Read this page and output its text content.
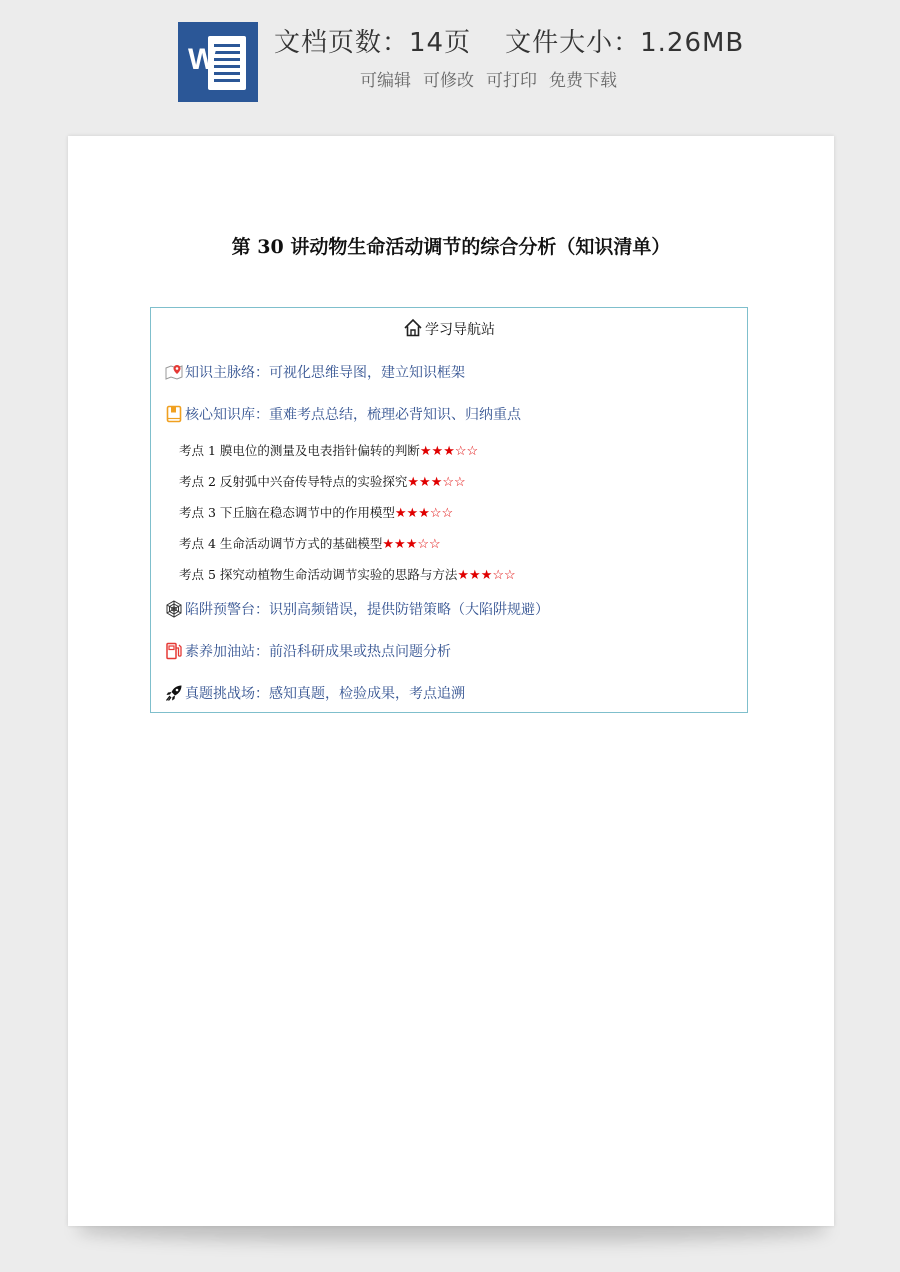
W 文档页数：14页 文件大小：1.26MB
可编辑 可修改 可打印 免费下载
第 30 讲动物生命活动调节的综合分析（知识清单）
学习导航站
知识主脉络：可视化思维导图，建立知识框架
核心知识库：重难考点总结，梳理必背知识、归纳重点
考点 1 膜电位的测量及电表指针偏转的判断★★★☆☆
考点 2 反射弧中兴奋传导特点的实验探究★★★☆☆
考点 3 下丘脑在稳态调节中的作用模型★★★☆☆
考点 4 生命活动调节方式的基础模型★★★☆☆
考点 5 探究动植物生命活动调节实验的思路与方法★★★☆☆
陷阱预警台：识别高频错误，提供防错策略（大陷阱规避）
素养加油站：前沿科研成果或热点问题分析
真题挑战场：感知真题，检验成果，考点追溯
